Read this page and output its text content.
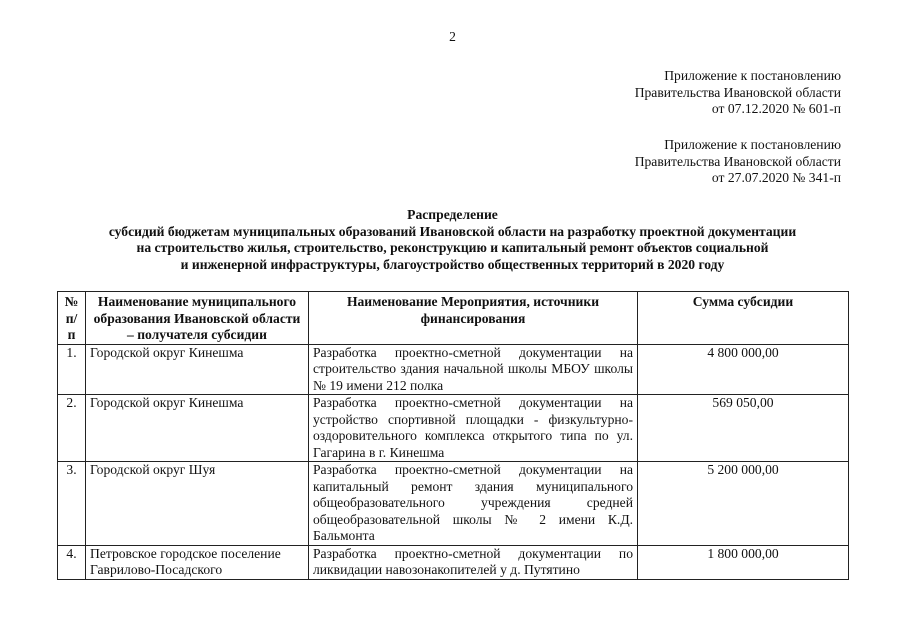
2
Приложение к постановлению
Правительства Ивановской области
от 07.12.2020 № 601-п
Приложение к постановлению
Правительства Ивановской области
от 27.07.2020 № 341-п
Распределение
субсидий бюджетам муниципальных образований Ивановской области на разработку проектной документации
на строительство жилья, строительство, реконструкцию и капитальный ремонт объектов социальной
и инженерной инфраструктуры, благоустройство общественных территорий в 2020 году
№ п/п	Наименование муниципального образования Ивановской области – получателя субсидии	Наименование Мероприятия, источники финансирования	Сумма субсидии
1.	Городской округ Кинешма	Разработка проектно-сметной документации на строительство здания начальной школы МБОУ школы № 19 имени 212 полка	4 800 000,00
2.	Городской округ Кинешма	Разработка проектно-сметной документации на устройство спортивной площадки - физкультурно-оздоровительного комплекса открытого типа по ул. Гагарина в г. Кинешма	569 050,00
3.	Городской округ Шуя	Разработка проектно-сметной документации на капитальный ремонт здания муниципального общеобразовательного учреждения средней общеобразовательной школы № 2 имени К.Д. Бальмонта	5 200 000,00
4.	Петровское городское поселение Гаврилово-Посадского	Разработка проектно-сметной документации по ликвидации навозонакопителей у д. Путятино	1 800 000,00
